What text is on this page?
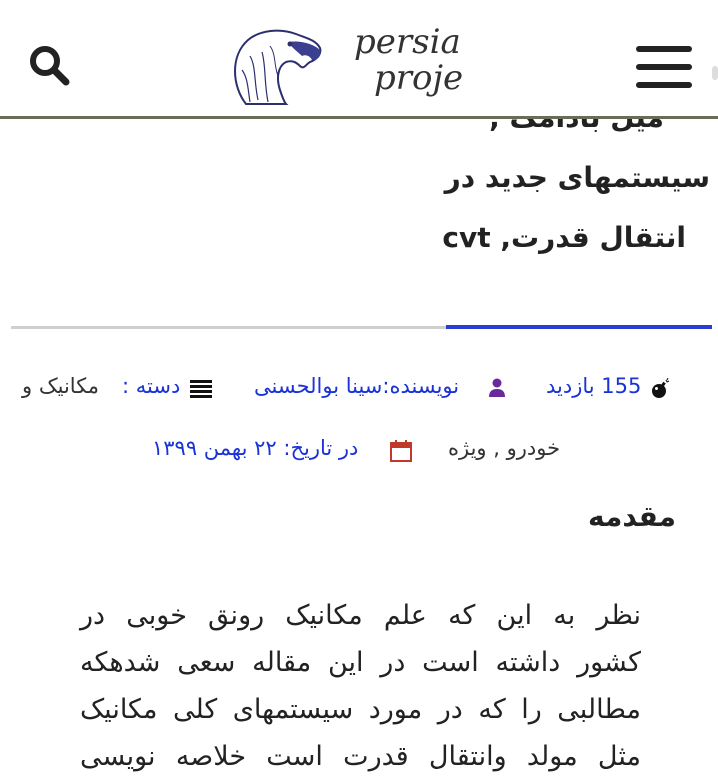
سیستمهای جدید در
انتقال قدرت, cvt
155 بازدید
نویسنده:سینا بوالحسنی
دسته :
مکانیک و
خودرو , ویژه
در تاریخ: ۲۲ بهمن ۱۳۹۹
مقدمه
نظر به این که علم مکانیک رونق خوبی در
کشور داشته است در این مقاله سعی شدهکه
مطالبی را که در مورد سیستمهای کلی مکانیک
مثل مولد وانتقال قدرت است خلاصه نویسی
persia
proje
